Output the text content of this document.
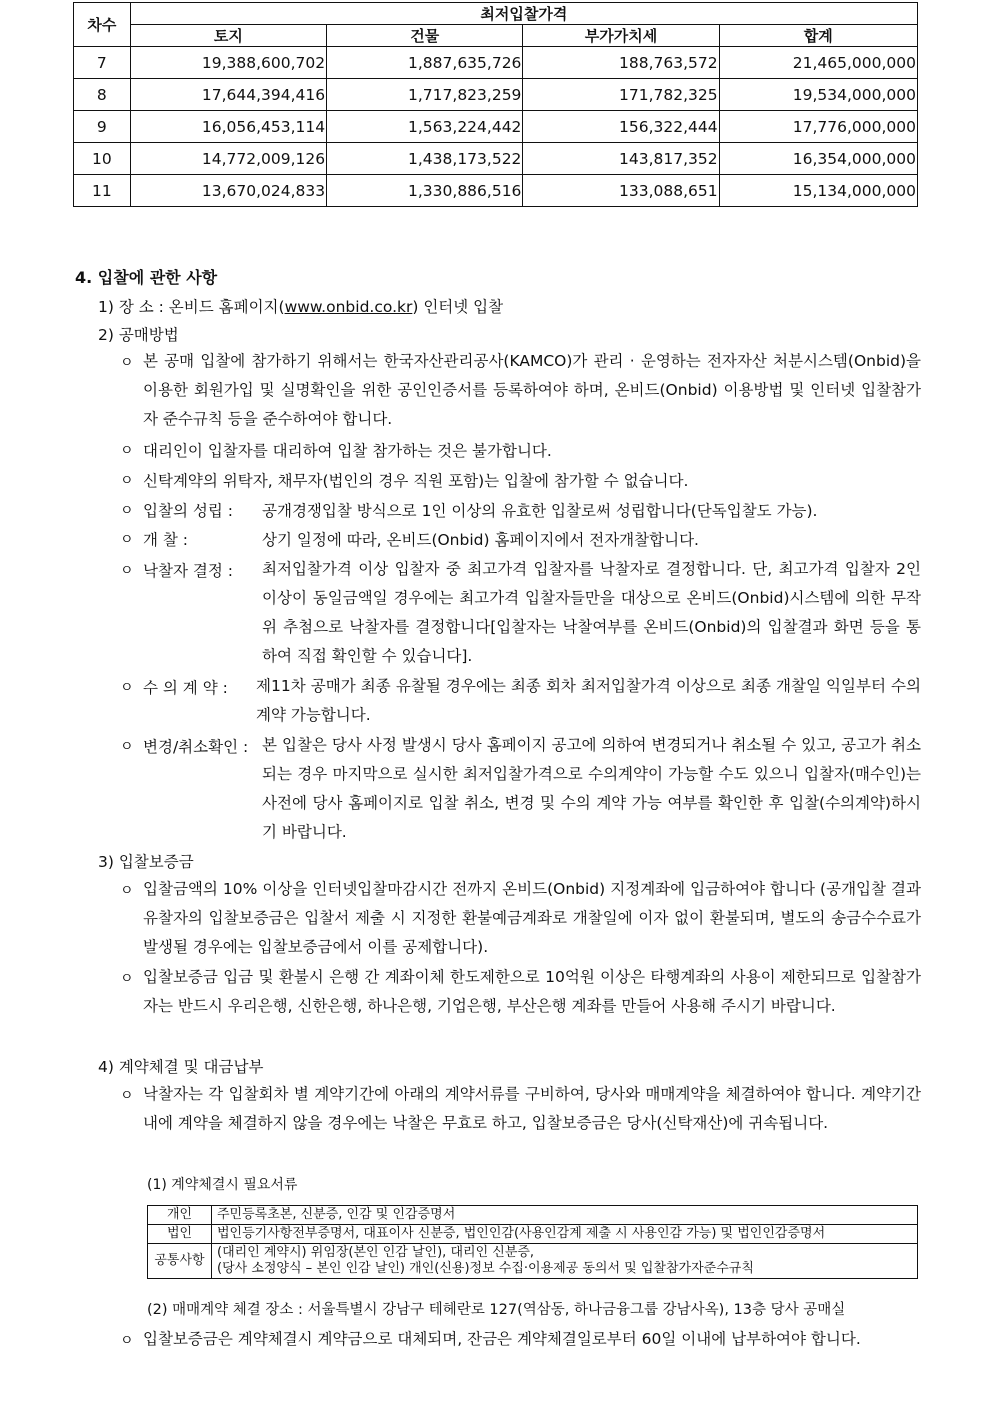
차수	최저입찰가격			
	토지	건물	부가가치세	합계
7	19,388,600,702	1,887,635,726	188,763,572	21,465,000,000
8	17,644,394,416	1,717,823,259	171,782,325	19,534,000,000
9	16,056,453,114	1,563,224,442	156,322,444	17,776,000,000
10	14,772,009,126	1,438,173,522	143,817,352	16,354,000,000
11	13,670,024,833	1,330,886,516	133,088,651	15,134,000,000
4. 입찰에 관한 사항
1) 장 소 : 온비드 홈페이지(www.onbid.co.kr) 인터넷 입찰
2) 공매방법
ㅇ 본 공매 입찰에 참가하기 위해서는 한국자산관리공사(KAMCO)가 관리 · 운영하는 전자자산 처분시스템(Onbid)을 이용한 회원가입 및 실명확인을 위한 공인인증서를 등록하여야 하며, 온비드(Onbid) 이용방법 및 인터넷 입찰참가자 준수규칙 등을 준수하여야 합니다.
ㅇ 대리인이 입찰자를 대리하여 입찰 참가하는 것은 불가합니다.
ㅇ 신탁계약의 위탁자, 채무자(법인의 경우 직원 포함)는 입찰에 참가할 수 없습니다.
ㅇ 입찰의 성립 : 공개경쟁입찰 방식으로 1인 이상의 유효한 입찰로써 성립합니다(단독입찰도 가능).
ㅇ 개 찰 :	상기 일정에 따라, 온비드(Onbid) 홈페이지에서 전자개찰합니다.
ㅇ 낙찰자 결정 : 최저입찰가격 이상 입찰자 중 최고가격 입찰자를 낙찰자로 결정합니다. 단, 최고가격 입찰자 2인 이상이 동일금액일 경우에는 최고가격 입찰자들만을 대상으로 온비드(Onbid)시스템에 의한 무작위 추첨으로 낙찰자를 결정합니다[입찰자는 낙찰여부를 온비드(Onbid)의 입찰결과 화면 등을 통하여 직접 확인할 수 있습니다].
ㅇ 수 의 계 약 : 제11차 공매가 최종 유찰될 경우에는 최종 회차 최저입찰가격 이상으로 최종 개찰일 익일부터 수의계약 가능합니다.
ㅇ 변경/취소확인 : 본 입찰은 당사 사정 발생시 당사 홈페이지 공고에 의하여 변경되거나 취소될 수 있고, 공고가 취소되는 경우 마지막으로 실시한 최저입찰가격으로 수의계약이 가능할 수도 있으니 입찰자(매수인)는 사전에 당사 홈페이지로 입찰 취소, 변경 및 수의 계약 가능 여부를 확인한 후 입찰(수의계약)하시기 바랍니다.
3) 입찰보증금
ㅇ 입찰금액의 10% 이상을 인터넷입찰마감시간 전까지 온비드(Onbid) 지정계좌에 입금하여야 합니다 (공개입찰 결과 유찰자의 입찰보증금은 입찰서 제출 시 지정한 환불예금계좌로 개찰일에 이자 없이 환불되며, 별도의 송금수수료가 발생될 경우에는 입찰보증금에서 이를 공제합니다).
ㅇ 입찰보증금 입금 및 환불시 은행 간 계좌이체 한도제한으로 10억원 이상은 타행계좌의 사용이 제한되므로 입찰참가자는 반드시 우리은행, 신한은행, 하나은행, 기업은행, 부산은행 계좌를 만들어 사용해 주시기 바랍니다.
4) 계약체결 및 대금납부
ㅇ 낙찰자는 각 입찰회차 별 계약기간에 아래의 계약서류를 구비하여, 당사와 매매계약을 체결하여야 합니다. 계약기간 내에 계약을 체결하지 않을 경우에는 낙찰은 무효로 하고, 입찰보증금은 당사(신탁재산)에 귀속됩니다.
(1) 계약체결시 필요서류
개인	주민등록초본, 신분증, 인감 및 인감증명서
법인	법인등기사항전부증명서, 대표이사 신분증, 법인인감(사용인감계 제출 시 사용인감 가능) 및 법인인감증명서
공통사항	(대리인 계약시) 위임장(본인 인감 날인), 대리인 신분증,
(당사 소정양식 – 본인 인감 날인) 개인(신용)정보 수집·이용제공 동의서 및 입찰참가자준수규칙
(2) 매매계약 체결 장소 : 서울특별시 강남구 테헤란로 127(역삼동, 하나금융그룹 강남사옥), 13층 당사 공매실
ㅇ 입찰보증금은 계약체결시 계약금으로 대체되며, 잔금은 계약체결일로부터 60일 이내에 납부하여야 합니다.
